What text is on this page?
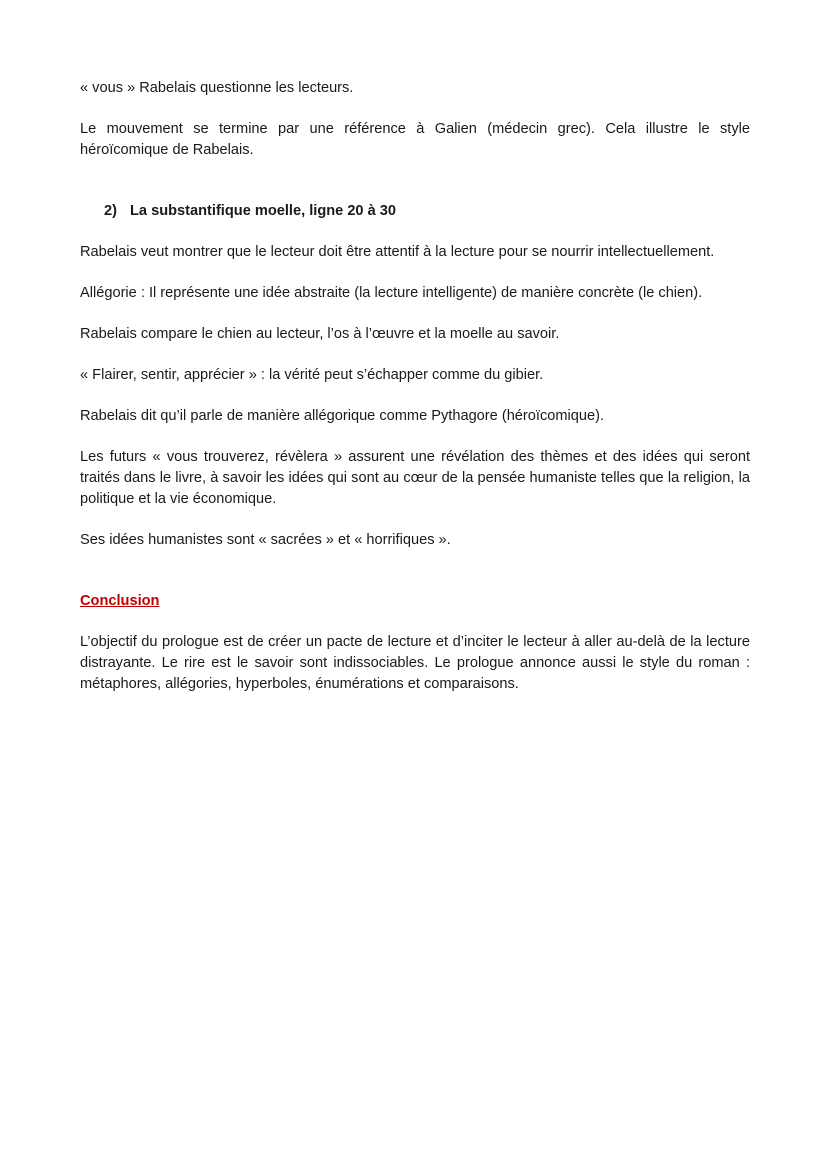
« vous » Rabelais questionne les lecteurs.

Le mouvement se termine par une référence à Galien (médecin grec). Cela illustre le style héroïcomique de Rabelais.

2) La substantifique moelle, ligne 20 à 30

Rabelais veut montrer que le lecteur doit être attentif à la lecture pour se nourrir intellectuellement.

Allégorie : Il représente une idée abstraite (la lecture intelligente) de manière concrète (le chien).

Rabelais compare le chien au lecteur, l’os à l’œuvre et la moelle au savoir.

« Flairer, sentir, apprécier » : la vérité peut s’échapper comme du gibier.

Rabelais dit qu’il parle de manière allégorique comme Pythagore (héroïcomique).

Les futurs « vous trouverez, révèlera » assurent une révélation des thèmes et des idées qui seront traités dans le livre, à savoir les idées qui sont au cœur de la pensée humaniste telles que la religion, la politique et la vie économique.

Ses idées humanistes sont « sacrées » et « horrifiques ».

Conclusion

L’objectif du prologue est de créer un pacte de lecture et d’inciter le lecteur à aller au-delà de la lecture distrayante. Le rire est le savoir sont indissociables. Le prologue annonce aussi le style du roman : métaphores, allégories, hyperboles, énumérations et comparaisons.
